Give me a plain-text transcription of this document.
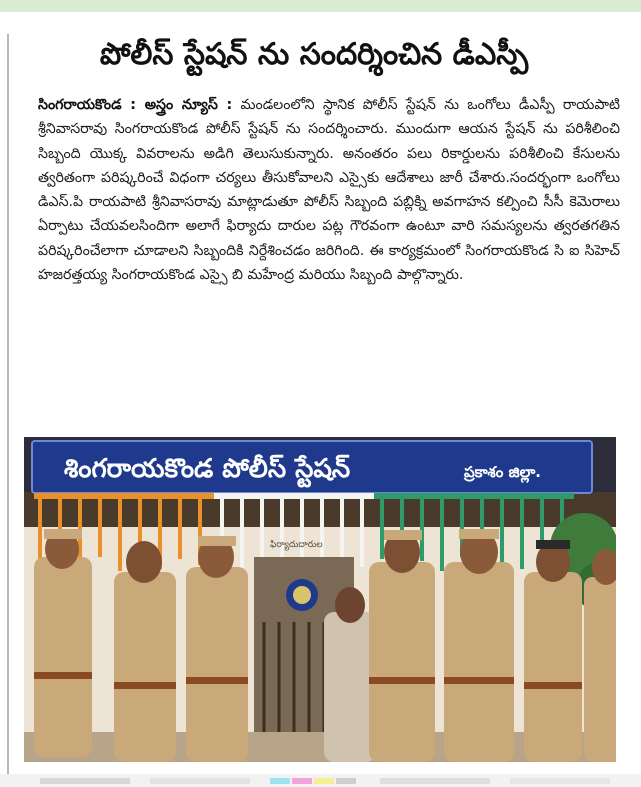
పోలీస్ స్టేషన్ ను సందర్శించిన డీఎస్పీ
సింగరాయకొండ : అస్త్రం న్యూస్ : మండలంలోని స్థానిక పోలీస్ స్టేషన్ ను ఒంగోలు డీఎస్పీ రాయపాటి శ్రీనివాసరావు సింగరాయకొండ పోలీస్ స్టేషన్ ను సందర్శించారు. ముందుగా ఆయన స్టేషన్ ను పరిశీలించి సిబ్బంది యొక్క వివరాలను అడిగి తెలుసుకున్నారు. అనంతరం పలు రికార్డులను పరిశీలించి కేసులను త్వరితంగా పరిష్కరించే విధంగా చర్యలు తీసుకోవాలని ఎస్సైకు ఆదేశాలు జారీ చేశారు.సందర్భంగా ఒంగోలు డిఎస్.పి రాయపాటి శ్రీనివాసరావు మాట్లాడుతూ పోలీస్ సిబ్బంది పబ్లిక్ని అవగాహన కల్పించి సీసీ కెమెరాలు ఏర్పాటు చేయవలసిందిగా అలాగే ఫిర్యాదు దారుల పట్ల గౌరవంగా ఉంటూ వారి సమస్యలను త్వరతగతిన పరిష్కరించేలాగా చూడాలని సిబ్బందికి నిర్దేశించడం జరిగింది. ఈ కార్యక్రమంలో సింగరాయకొండ సి ఐ సిహెచ్ హజరత్తయ్య సింగరాయకొండ ఎస్సై బి మహేంద్ర మరియు సిబ్బంది పాల్గొన్నారు.
శింగరాయకొండ పోలీస్ స్టేషన్	ప్రకాశం జిల్లా.
ఫిర్యాదుదారుల
